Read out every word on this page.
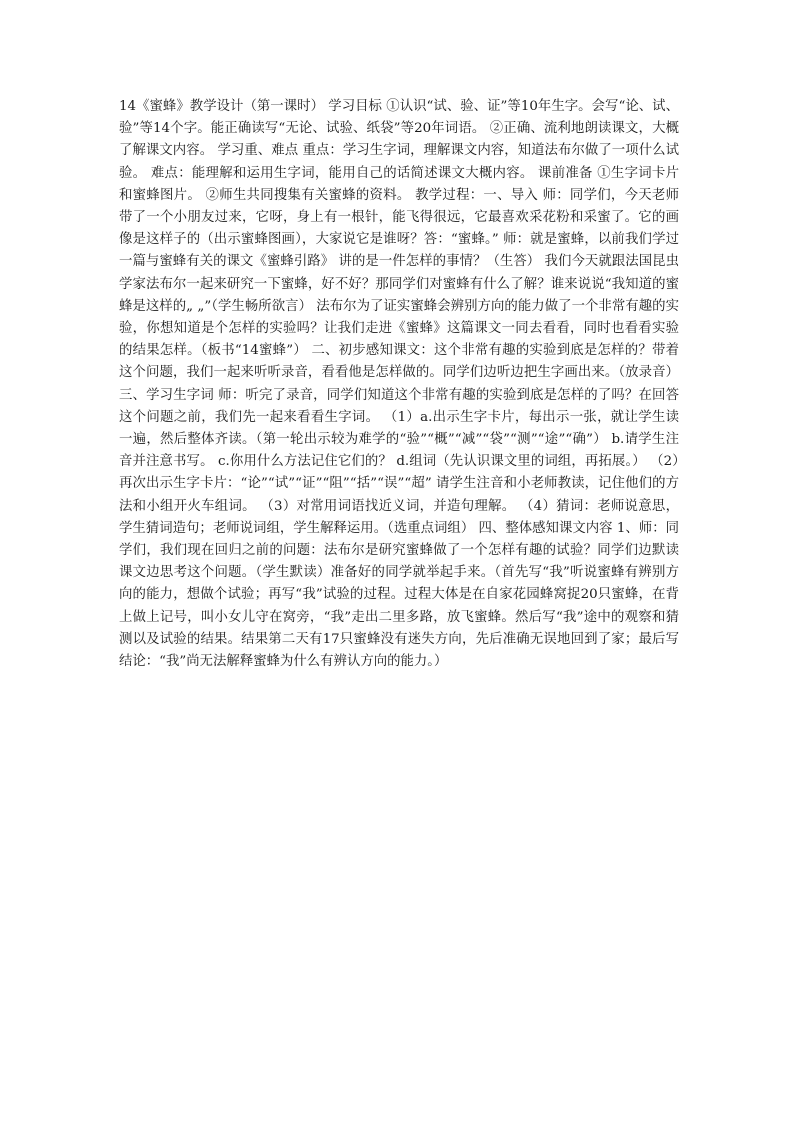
14《蜜蜂》教学设计（第一课时） 学习目标 ①认识“试、验、证”等10年生字。会写“论、试、验”等14个字。能正确读写“无论、试验、纸袋”等20年词语。 ②正确、流利地朗读课文，大概了解课文内容。 学习重、难点 重点：学习生字词，理解课文内容，知道法布尔做了一项什么试验。 难点：能理解和运用生字词，能用自己的话简述课文大概内容。 课前准备 ①生字词卡片和蜜蜂图片。 ②师生共同搜集有关蜜蜂的资料。 教学过程：一、导入 师：同学们，今天老师带了一个小朋友过来，它呀，身上有一根针，能飞得很远，它最喜欢采花粉和采蜜了。它的画像是这样子的（出示蜜蜂图画），大家说它是谁呀？答：“蜜蜂。” 师：就是蜜蜂，以前我们学过一篇与蜜蜂有关的课文《蜜蜂引路》 讲的是一件怎样的事情？（生答） 我们今天就跟法国昆虫学家法布尔一起来研究一下蜜蜂，好不好？那同学们对蜜蜂有什么了解？谁来说说“我知道的蜜蜂是这样的„ „”（学生畅所欲言） 法布尔为了证实蜜蜂会辨别方向的能力做了一个非常有趣的实验，你想知道是个怎样的实验吗？让我们走进《蜜蜂》这篇课文一同去看看，同时也看看实验的结果怎样。（板书“14蜜蜂”） 二、初步感知课文：这个非常有趣的实验到底是怎样的？带着这个问题，我们一起来听听录音，看看他是怎样做的。同学们边听边把生字画出来。（放录音） 三、学习生字词 师：听完了录音，同学们知道这个非常有趣的实验到底是怎样的了吗？在回答这个问题之前，我们先一起来看看生字词。 （1）a.出示生字卡片，每出示一张，就让学生读一遍，然后整体齐读。（第一轮出示较为难学的“验”“概”“减”“袋”“测”“途”“确”） b.请学生注音并注意书写。 c.你用什么方法记住它们的？ d.组词（先认识课文里的词组，再拓展。） （2）再次出示生字卡片：“论”“试”“证”“阻”“括”“误”“超” 请学生注音和小老师教读，记住他们的方法和小组开火车组词。 （3）对常用词语找近义词，并造句理解。 （4）猜词：老师说意思，学生猜词造句；老师说词组，学生解释运用。（选重点词组） 四、整体感知课文内容 1、师：同学们，我们现在回归之前的问题：法布尔是研究蜜蜂做了一个怎样有趣的试验？同学们边默读课文边思考这个问题。（学生默读）准备好的同学就举起手来。（首先写“我”听说蜜蜂有辨别方向的能力，想做个试验；再写“我”试验的过程。过程大体是在自家花园蜂窝捉20只蜜蜂，在背上做上记号，叫小女儿守在窝旁，“我”走出二里多路，放飞蜜蜂。然后写“我”途中的观察和猜测以及试验的结果。结果第二天有17只蜜蜂没有迷失方向，先后准确无误地回到了家；最后写结论：“我”尚无法解释蜜蜂为什么有辨认方向的能力。）
